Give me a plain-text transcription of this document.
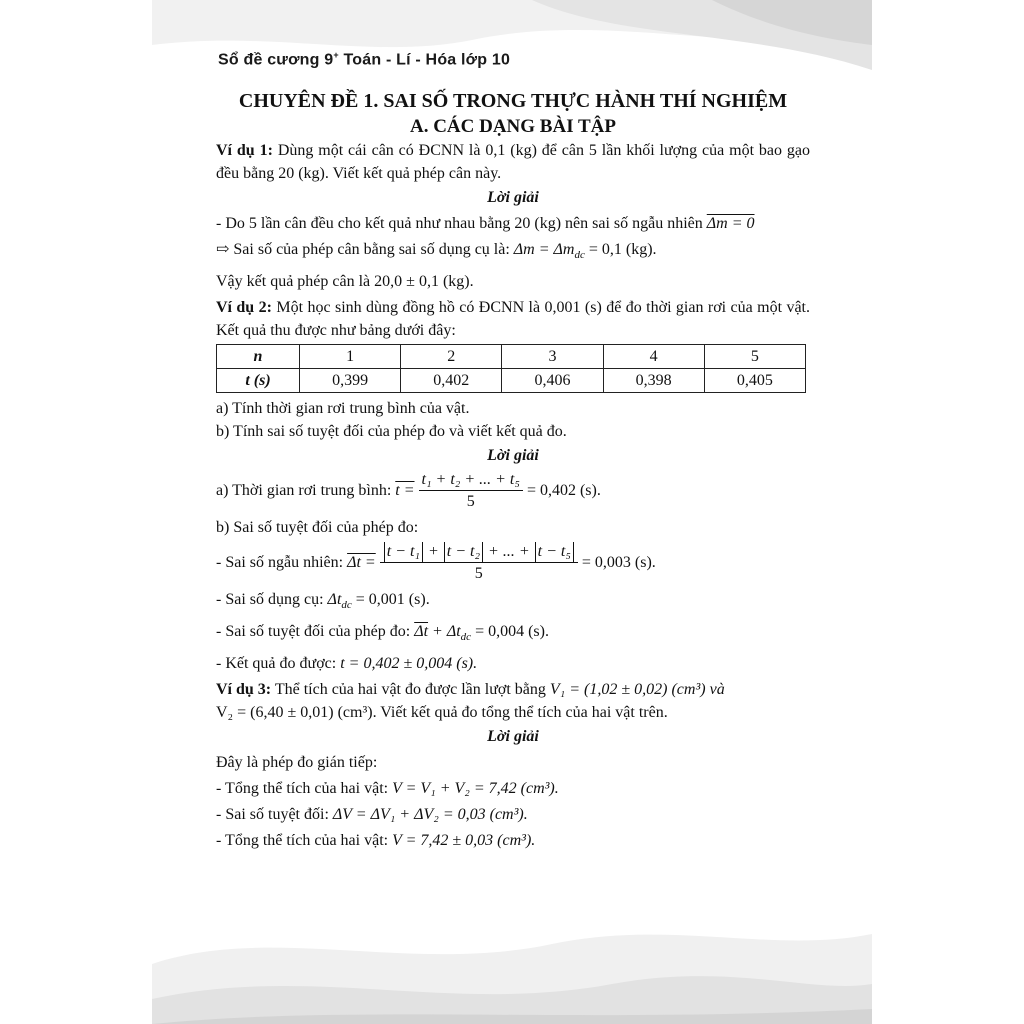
Sổ đề cương 9+ Toán - Lí - Hóa lớp 10
CHUYÊN ĐỀ 1. SAI SỐ TRONG THỰC HÀNH THÍ NGHIỆM
A. CÁC DẠNG BÀI TẬP

Ví dụ 1: Dùng một cái cân có ĐCNN là 0,1 (kg) để cân 5 lần khối lượng của một bao gạo đều bằng 20 (kg). Viết kết quả phép cân này.

Lời giải

- Do 5 lần cân đều cho kết quả như nhau bằng 20 (kg) nên sai số ngẫu nhiên Δm = 0

⇨ Sai số của phép cân bằng sai số dụng cụ là: $\Delta m = \Delta m_{dc} = 0,1$ (kg).

Vậy kết quả phép cân là 20,0 ± 0,1 (kg).

Ví dụ 2: Một học sinh dùng đồng hồ có ĐCNN là 0,001 (s) để đo thời gian rơi của một vật. Kết quả thu được như bảng dưới đây:

n	1	2	3	4	5
t (s)	0,399	0,402	0,406	0,398	0,405

a) Tính thời gian rơi trung bình của vật.

b) Tính sai số tuyệt đối của phép đo và viết kết quả đo.

Lời giải

a) Thời gian rơi trung bình: $t = \frac{\text{t₁ + t₂ + ... + t₅}}{5} = 0,402$ (s).

b) Sai số tuyệt đối của phép đo:

- Sai số ngẫu nhiên: $\Delta t = \frac{\text{t − t₁ + t − t₂ + ... + t − t₅}}{5} = 0,003$ (s).

- Sai số dụng cụ: $\Delta t_{dc} = 0,001$ (s).

- Sai số tuyệt đối của phép đo: $\overline{\Delta t} + \Delta t_{dc} = 0,004$ (s).

- Kết quả đo được: t = 0,402 ± 0,004 (s).

Ví dụ 3: Thể tích của hai vật đo được lần lượt bằng V₁ = (1,02 ± 0,02) (cm³) và

V₂ = (6,40 ± 0,01) (cm³). Viết kết quả đo tổng thể tích của hai vật trên.

Lời giải

Đây là phép đo gián tiếp:

- Tổng thể tích của hai vật: V = V₁ + V₂ = 7,42 (cm³).

- Sai số tuyệt đối: ΔV = ΔV₁ + ΔV₂ = 0,03 (cm³).

- Tổng thể tích của hai vật: V = 7,42 ± 0,03 (cm³).
